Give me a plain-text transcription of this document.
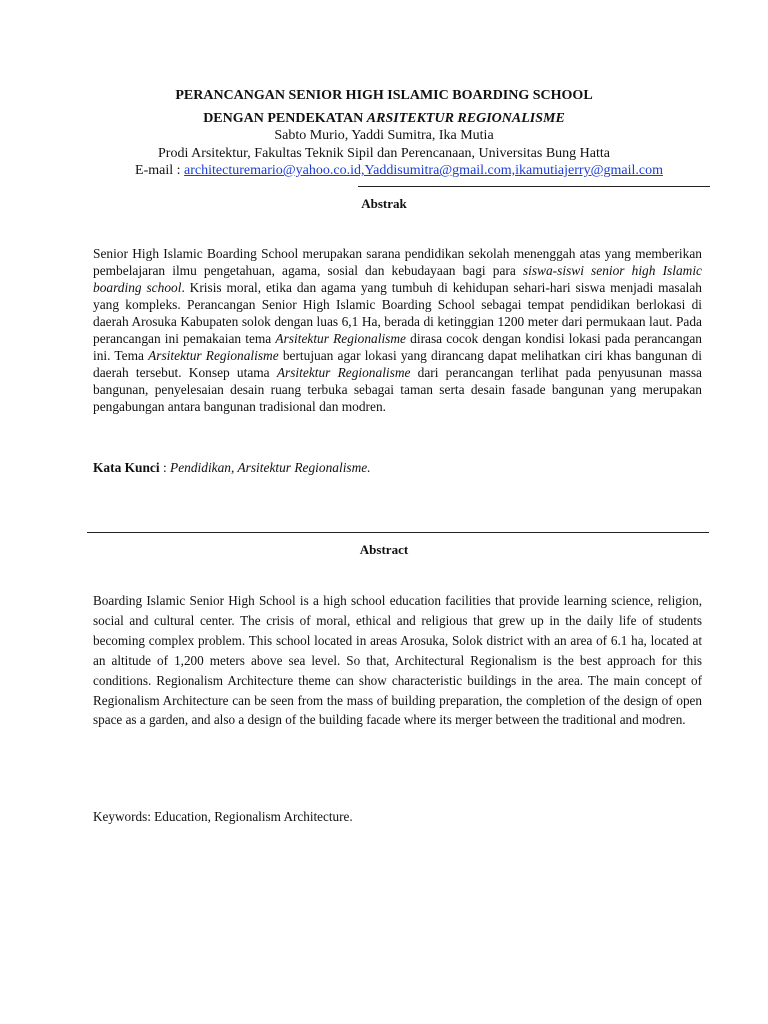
PERANCANGAN SENIOR HIGH ISLAMIC BOARDING SCHOOL
DENGAN PENDEKATAN ARSITEKTUR REGIONALISME
Sabto Murio, Yaddi Sumitra, Ika Mutia
Prodi Arsitektur, Fakultas Teknik Sipil dan Perencanaan, Universitas Bung Hatta
E-mail : architecturemario@yahoo.co.id,Yaddisumitra@gmail.com,ikamutiajerry@gmail.com
Abstrak
Senior High Islamic Boarding School merupakan sarana pendidikan sekolah menenggah atas yang memberikan pembelajaran ilmu pengetahuan, agama, sosial dan kebudayaan bagi para siswa-siswi senior high Islamic boarding school. Krisis moral, etika dan agama yang tumbuh di kehidupan sehari-hari siswa menjadi masalah yang kompleks. Perancangan Senior High Islamic Boarding School sebagai tempat pendidikan berlokasi di daerah Arosuka Kabupaten solok dengan luas 6,1 Ha, berada di ketinggian 1200 meter dari permukaan laut. Pada perancangan ini pemakaian tema Arsitektur Regionalisme dirasa cocok dengan kondisi lokasi pada perancangan ini. Tema Arsitektur Regionalisme bertujuan agar lokasi yang dirancang dapat melihatkan ciri khas bangunan di daerah tersebut. Konsep utama Arsitektur Regionalisme dari perancangan terlihat pada penyusunan massa bangunan, penyelesaian desain ruang terbuka sebagai taman serta desain fasade bangunan yang merupakan pengabungan antara bangunan tradisional dan modren.
Kata Kunci : Pendidikan, Arsitektur Regionalisme.
Abstract
Boarding Islamic Senior High School is a high school education facilities that provide learning science, religion, social and cultural center. The crisis of moral, ethical and religious that grew up in the daily life of students becoming complex problem. This school located in areas Arosuka, Solok district with an area of 6.1 ha, located at an altitude of 1,200 meters above sea level. So that, Architectural Regionalism is the best approach for this conditions. Regionalism Architecture theme can show characteristic buildings in the area. The main concept of Regionalism Architecture can be seen from the mass of building preparation, the completion of the design of open space as a garden, and also a design of the building facade where its merger between the traditional and modren.
Keywords: Education, Regionalism Architecture.
